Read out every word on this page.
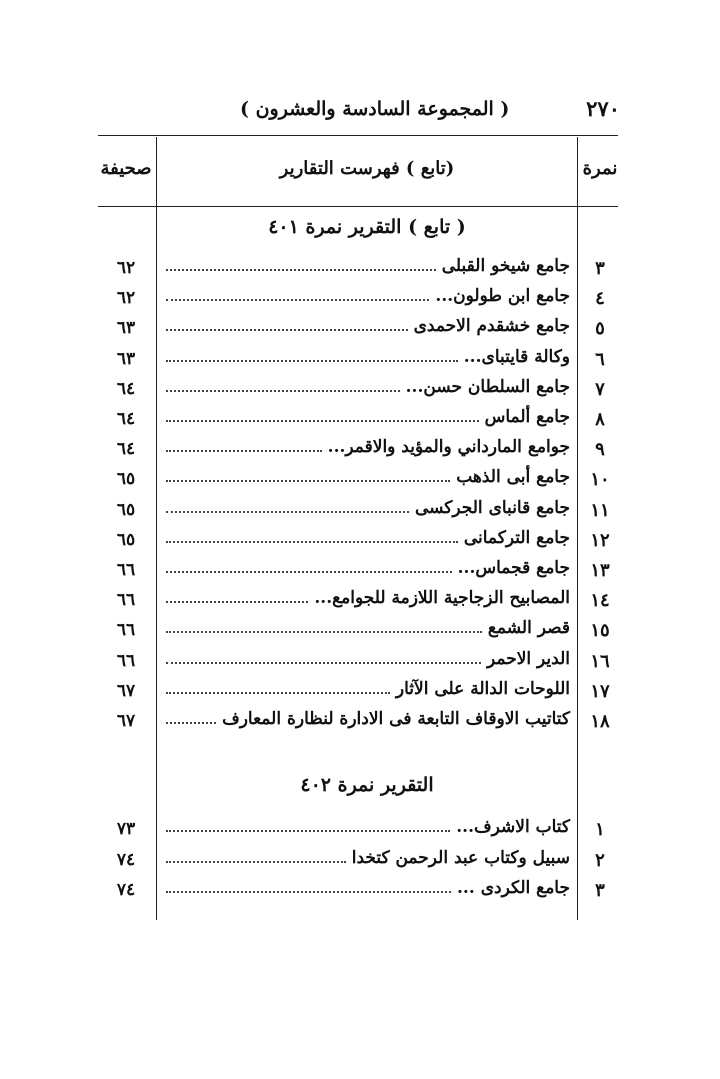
٢٧٠
( المجموعة السادسة والعشرون )
صحيفة	(تابع ) فهرست التقارير	نمرة
( تابع ) التقرير نمرة ٤٠١
التقرير نمرة ٤٠٢
٣
جامع شيخو القبلى
٦٢
٤
جامع ابن طولون...
٦٢
٥
جامع خشقدم الاحمدى
٦٣
٦
وكالة قايتباى...
٦٣
٧
جامع السلطان حسن...
٦٤
٨
جامع ألماس
٦٤
٩
جوامع المارداني والمؤيد والاقمر...
٦٤
١٠
جامع أبى الذهب
٦٥
١١
جامع قانباى الجركسى
٦٥
١٢
جامع التركمانى
٦٥
١٣
جامع قجماس...
٦٦
١٤
المصابيح الزجاجية اللازمة للجوامع...
٦٦
١٥
قصر الشمع
٦٦
١٦
الدير الاحمر
٦٦
١٧
اللوحات الدالة على الآثار
٦٧
١٨
كتاتيب الاوقاف التابعة فى الادارة لنظارة المعارف
٦٧
١
كتاب الاشرف...
٧٣
٢
سبيل وكتاب عبد الرحمن كتخدا
٧٤
٣
جامع الكردى ...
٧٤
